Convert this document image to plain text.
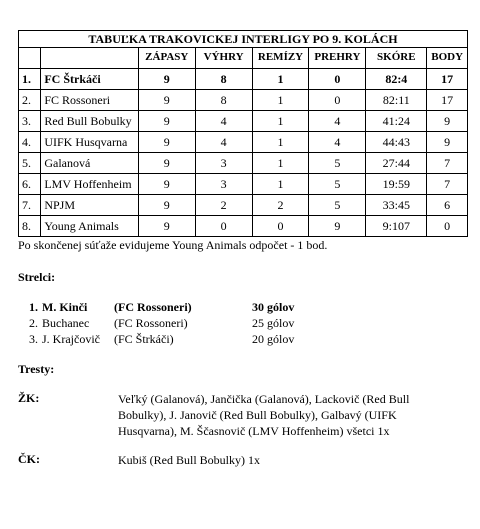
TABUĽKA TRAKOVICKEJ INTERLIGY PO 9. KOLÁCH							
		ZÁPASY	VÝHRY	REMÍZY	PREHRY	SKÓRE	BODY
1.	FC Štrkáči	9	8	1	0	82:4	17
2.	FC Rossoneri	9	8	1	0	82:11	17
3.	Red Bull Bobulky	9	4	1	4	41:24	9
4.	UIFK Husqvarna	9	4	1	4	44:43	9
5.	Galanová	9	3	1	5	27:44	7
6.	LMV Hoffenheim	9	3	1	5	19:59	7
7.	NPJM	9	2	2	5	33:45	6
8.	Young Animals	9	0	0	9	9:107	0
Po skončenej súťaže evidujeme Young Animals odpočet - 1 bod.
Strelci:
1. M. Kinči (FC Rossoneri)	30 gólov
2. Buchanec (FC Rossoneri)	25 gólov
3. J. Krajčovič (FC Štrkáči)	20 gólov
Tresty:
ŽK:	Veľký (Galanová), Jančička (Galanová), Lackovič (Red Bull Bobulky), J. Janovič (Red Bull Bobulky), Galbavý (UIFK Husqvarna), M. Ščasnovič (LMV Hoffenheim) všetci 1x
ČK:	Kubiš (Red Bull Bobulky) 1x
